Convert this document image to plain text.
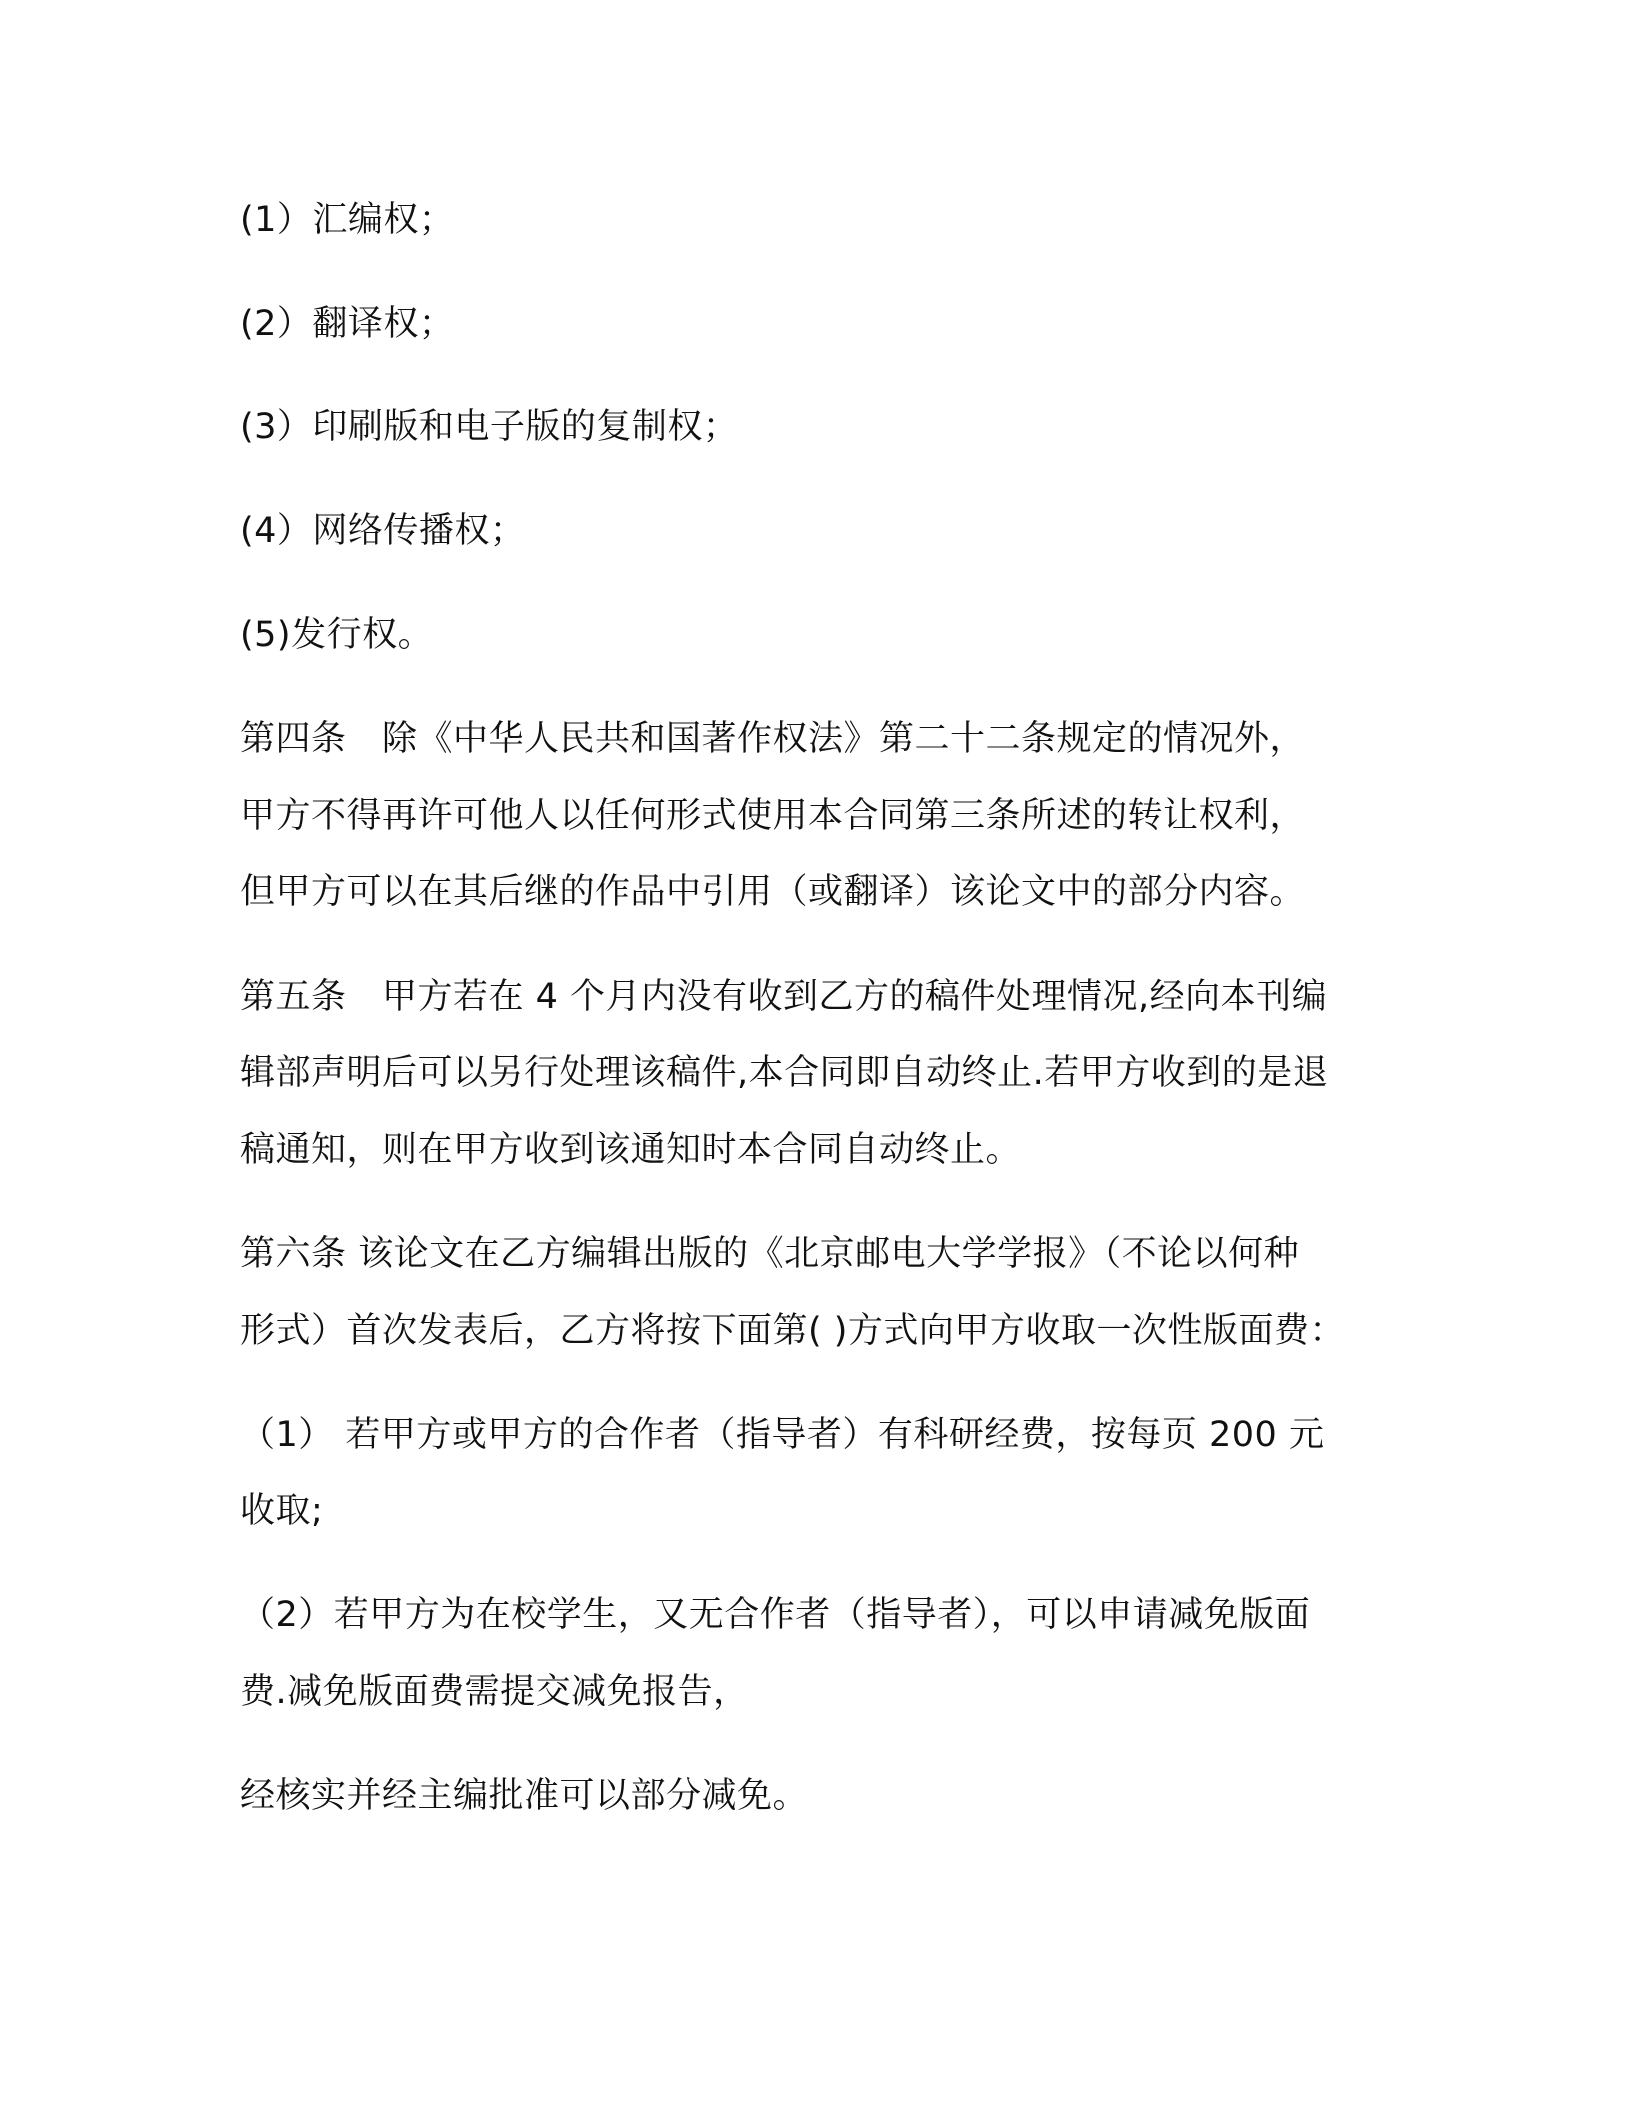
(1）汇编权；
(2）翻译权；
(3）印刷版和电子版的复制权；
(4）网络传播权；
(5)发行权。
第四条　除《中华人民共和国著作权法》第二十二条规定的情况外，
甲方不得再许可他人以任何形式使用本合同第三条所述的转让权利，
但甲方可以在其后继的作品中引用（或翻译）该论文中的部分内容。
第五条　甲方若在 4 个月内没有收到乙方的稿件处理情况,经向本刊编
辑部声明后可以另行处理该稿件,本合同即自动终止.若甲方收到的是退
稿通知，则在甲方收到该通知时本合同自动终止。
第六条 该论文在乙方编辑出版的《北京邮电大学学报》（不论以何种
形式）首次发表后，乙方将按下面第( )方式向甲方收取一次性版面费：
（1） 若甲方或甲方的合作者（指导者）有科研经费，按每页 200 元
收取;
（2）若甲方为在校学生，又无合作者（指导者），可以申请减免版面
费.减免版面费需提交减免报告，
经核实并经主编批准可以部分减免。
